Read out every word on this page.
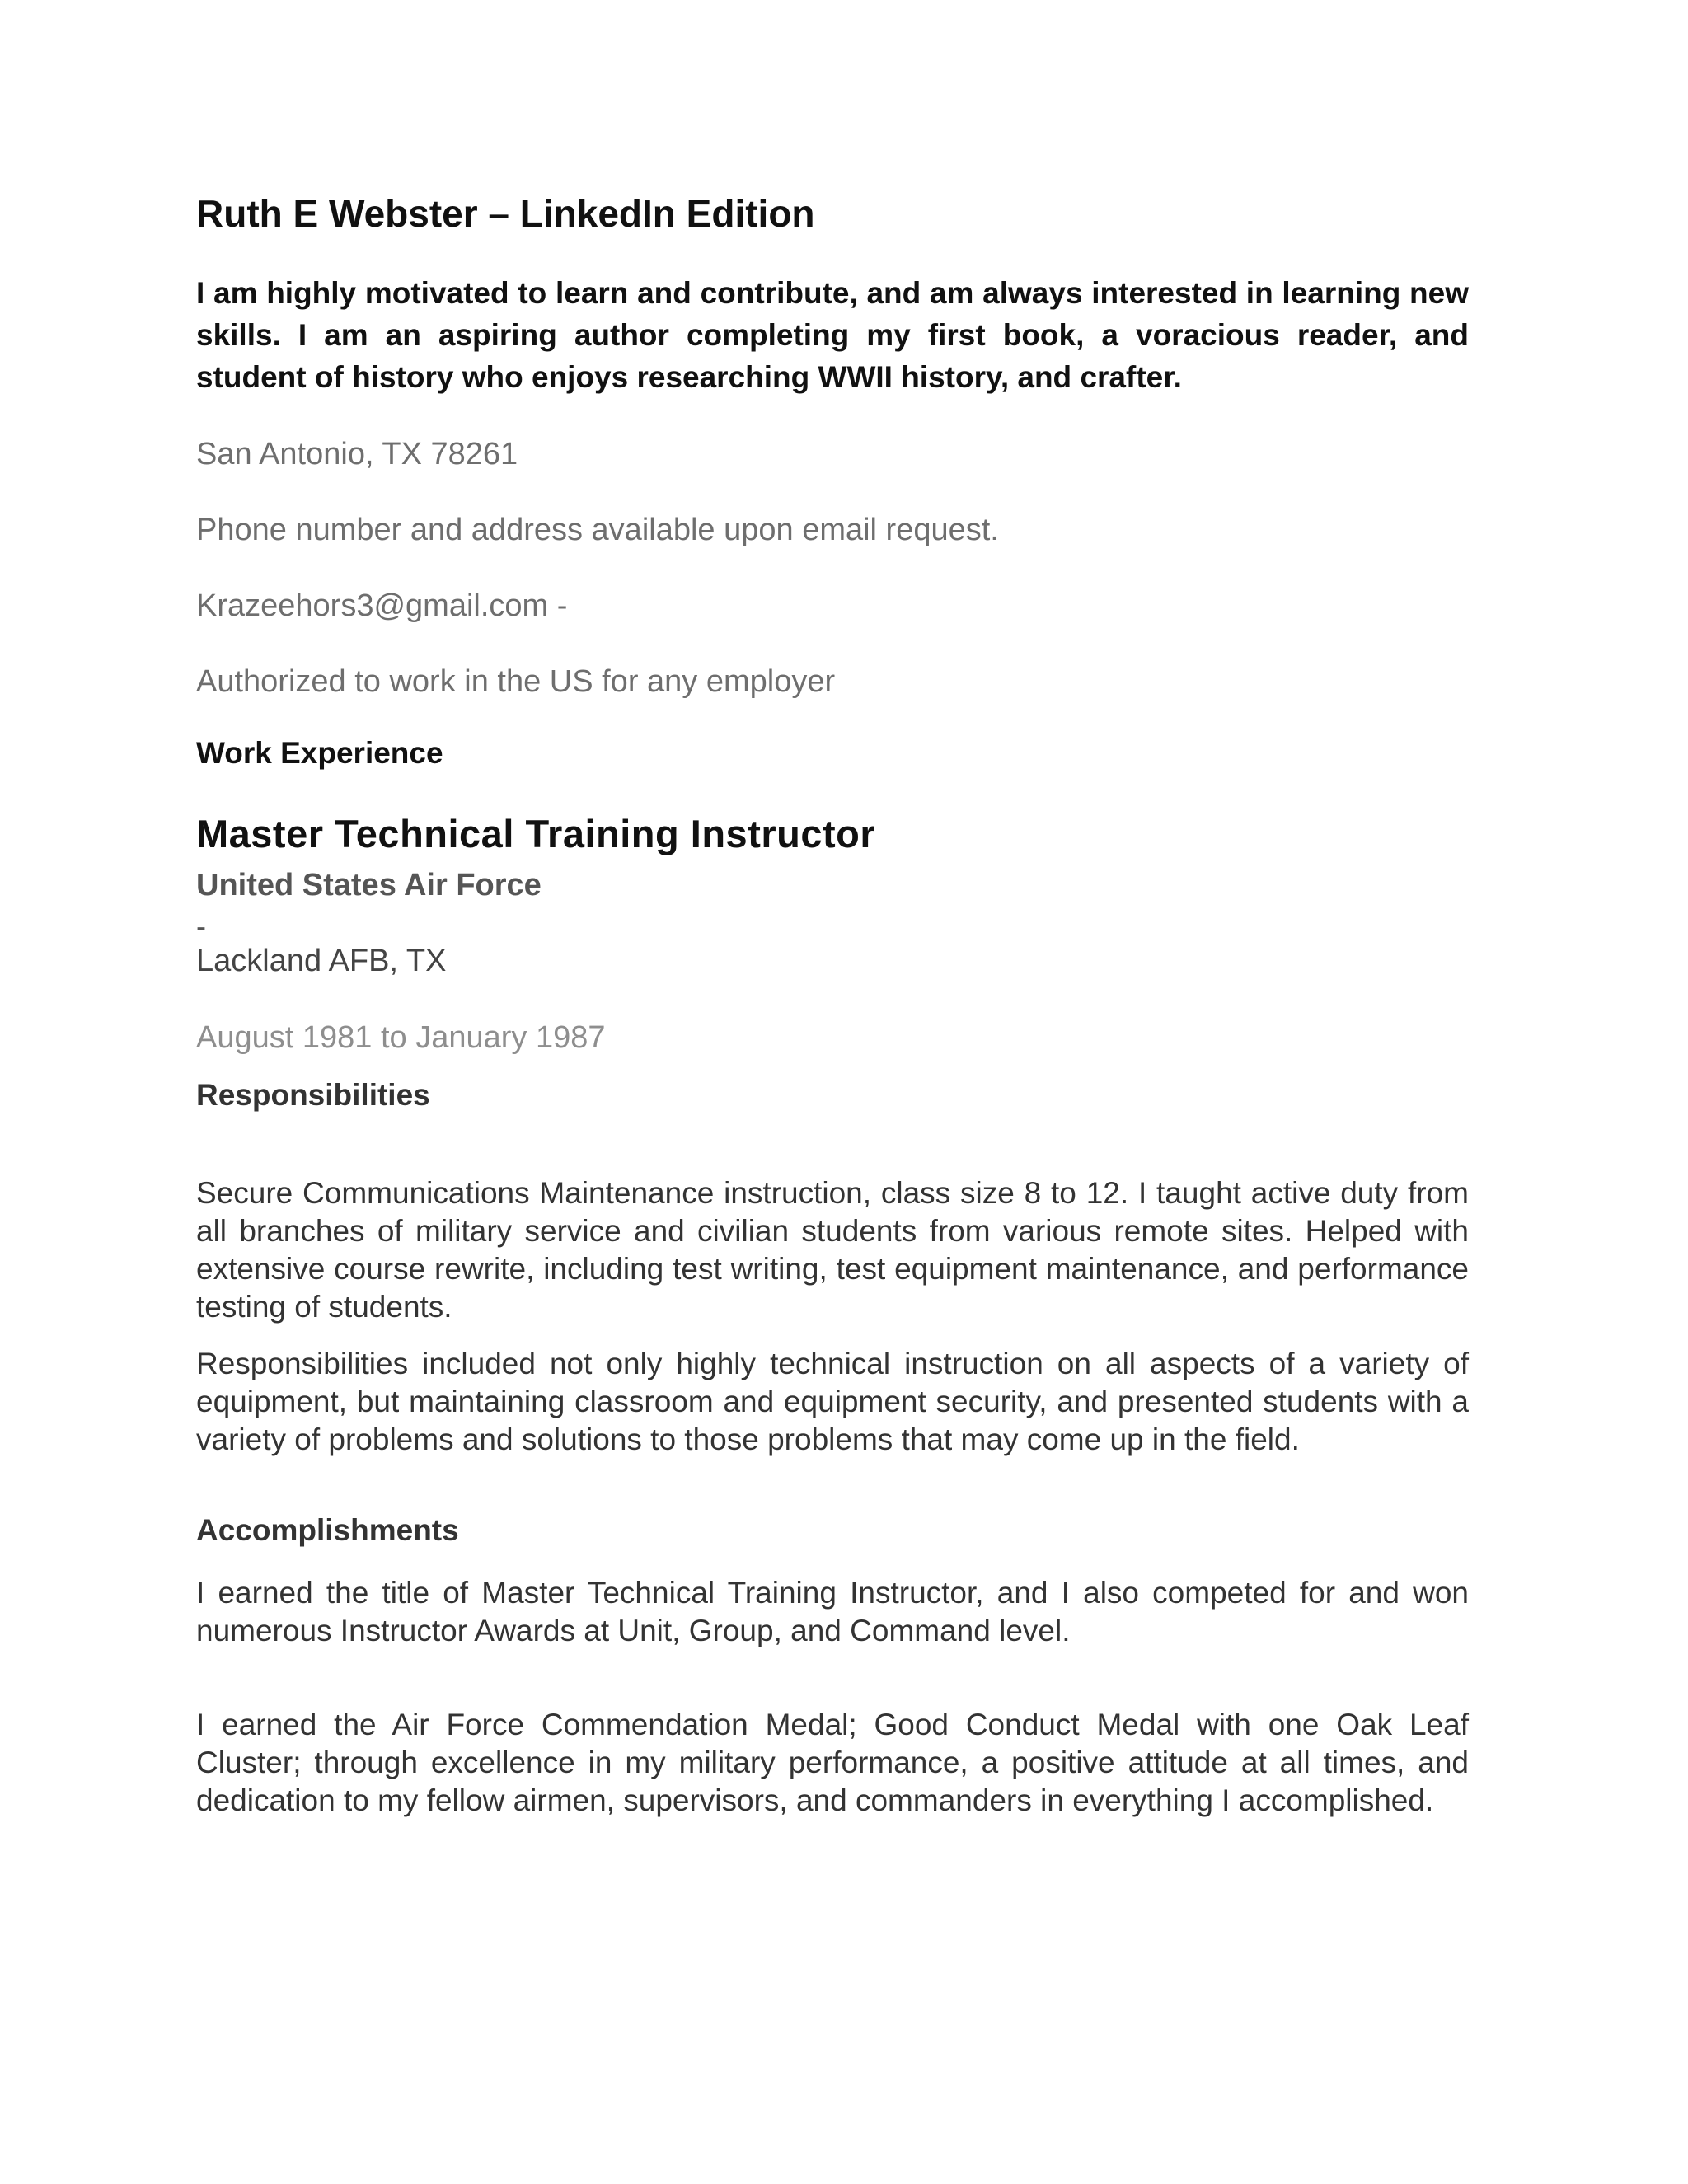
Ruth E Webster – LinkedIn Edition

I am highly motivated to learn and contribute, and am always interested in learning new skills. I am an aspiring author completing my first book, a voracious reader, and student of history who enjoys researching WWII history, and crafter.

San Antonio, TX 78261
Phone number and address available upon email request.
Krazeehors3@gmail.com -
Authorized to work in the US for any employer
Work Experience
Master Technical Training Instructor
United States Air Force
-
Lackland AFB, TX
August 1981 to January 1987
Responsibilities

Secure Communications Maintenance instruction, class size 8 to 12. I taught active duty from all branches of military service and civilian students from various remote sites. Helped with extensive course rewrite, including test writing, test equipment maintenance, and performance testing of students.

Responsibilities included not only highly technical instruction on all aspects of a variety of equipment, but maintaining classroom and equipment security, and presented students with a variety of problems and solutions to those problems that may come up in the field.

Accomplishments

I earned the title of Master Technical Training Instructor, and I also competed for and won numerous Instructor Awards at Unit, Group, and Command level.

I earned the Air Force Commendation Medal; Good Conduct Medal with one Oak Leaf Cluster; through excellence in my military performance, a positive attitude at all times, and dedication to my fellow airmen, supervisors, and commanders in everything I accomplished.
